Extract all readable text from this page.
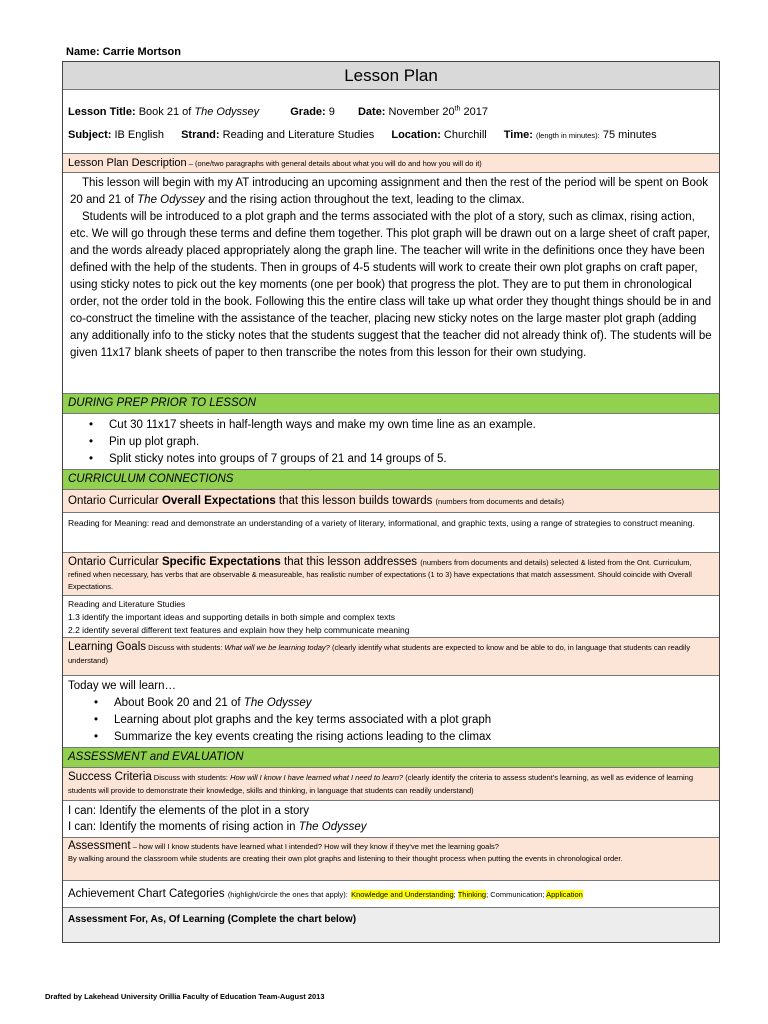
Name: Carrie Mortson
Lesson Plan
Lesson Title: Book 21 of The Odyssey	Grade: 9 Date: November 20th 2017
Subject: IB English Strand: Reading and Literature Studies Location: Churchill Time: (length in minutes): 75 minutes
Lesson Plan Description – (one/two paragraphs with general details about what you will do and how you will do it)

This lesson will begin with my AT introducing an upcoming assignment and then the rest of the period will be spent on Book 20 and 21 of The Odyssey and the rising action throughout the text, leading to the climax.

Students will be introduced to a plot graph and the terms associated with the plot of a story, such as climax, rising action, etc. We will go through these terms and define them together. This plot graph will be drawn out on a large sheet of craft paper, and the words already placed appropriately along the graph line. The teacher will write in the definitions once they have been defined with the help of the students. Then in groups of 4-5 students will work to create their own plot graphs on craft paper, using sticky notes to pick out the key moments (one per book) that progress the plot. They are to put them in chronological order, not the order told in the book. Following this the entire class will take up what order they thought things should be in and co-construct the timeline with the assistance of the teacher, placing new sticky notes on the large master plot graph (adding any additionally info to the sticky notes that the students suggest that the teacher did not already think of). The students will be given 11x17 blank sheets of paper to then transcribe the notes from this lesson for their own studying.

DURING PREP PRIOR TO LESSON
• Cut 30 11x17 sheets in half-length ways and make my own time line as an example.
• Pin up plot graph.
• Split sticky notes into groups of 7 groups of 21 and 14 groups of 5.
CURRICULUM CONNECTIONS
Ontario Curricular Overall Expectations that this lesson builds towards (numbers from documents and details)
Reading for Meaning: read and demonstrate an understanding of a variety of literary, informational, and graphic texts, using a range of strategies to construct meaning.
Ontario Curricular Specific Expectations that this lesson addresses (numbers from documents and details) selected & listed from the Ont. Curriculum, refined when necessary, has verbs that are observable & measureable, has realistic number of expectations (1 to 3) have expectations that match assessment. Should coincide with Overall Expectations.
Reading and Literature Studies
1.3 identify the important ideas and supporting details in both simple and complex texts
2.2 identify several different text features and explain how they help communicate meaning
Learning Goals Discuss with students: What will we be learning today? (clearly identify what students are expected to know and be able to do, in language that students can readily understand)
Today we will learn…
• About Book 20 and 21 of The Odyssey
• Learning about plot graphs and the key terms associated with a plot graph
• Summarize the key events creating the rising actions leading to the climax
ASSESSMENT and EVALUATION
Success Criteria Discuss with students: How will I know I have learned what I need to learn? (clearly identify the criteria to assess student's learning, as well as evidence of learning students will provide to demonstrate their knowledge, skills and thinking, in language that students can readily understand)
I can: Identify the elements of the plot in a story
I can: Identify the moments of rising action in The Odyssey
Assessment – how will I know students have learned what I intended? How will they know if they've met the learning goals?
By walking around the classroom while students are creating their own plot graphs and listening to their thought process when putting the events in chronological order.
Achievement Chart Categories (highlight/circle the ones that apply): Knowledge and Understanding; Thinking; Communication; Application
Assessment For, As, Of Learning (Complete the chart below)
Drafted by Lakehead University Orillia Faculty of Education Team-August 2013
